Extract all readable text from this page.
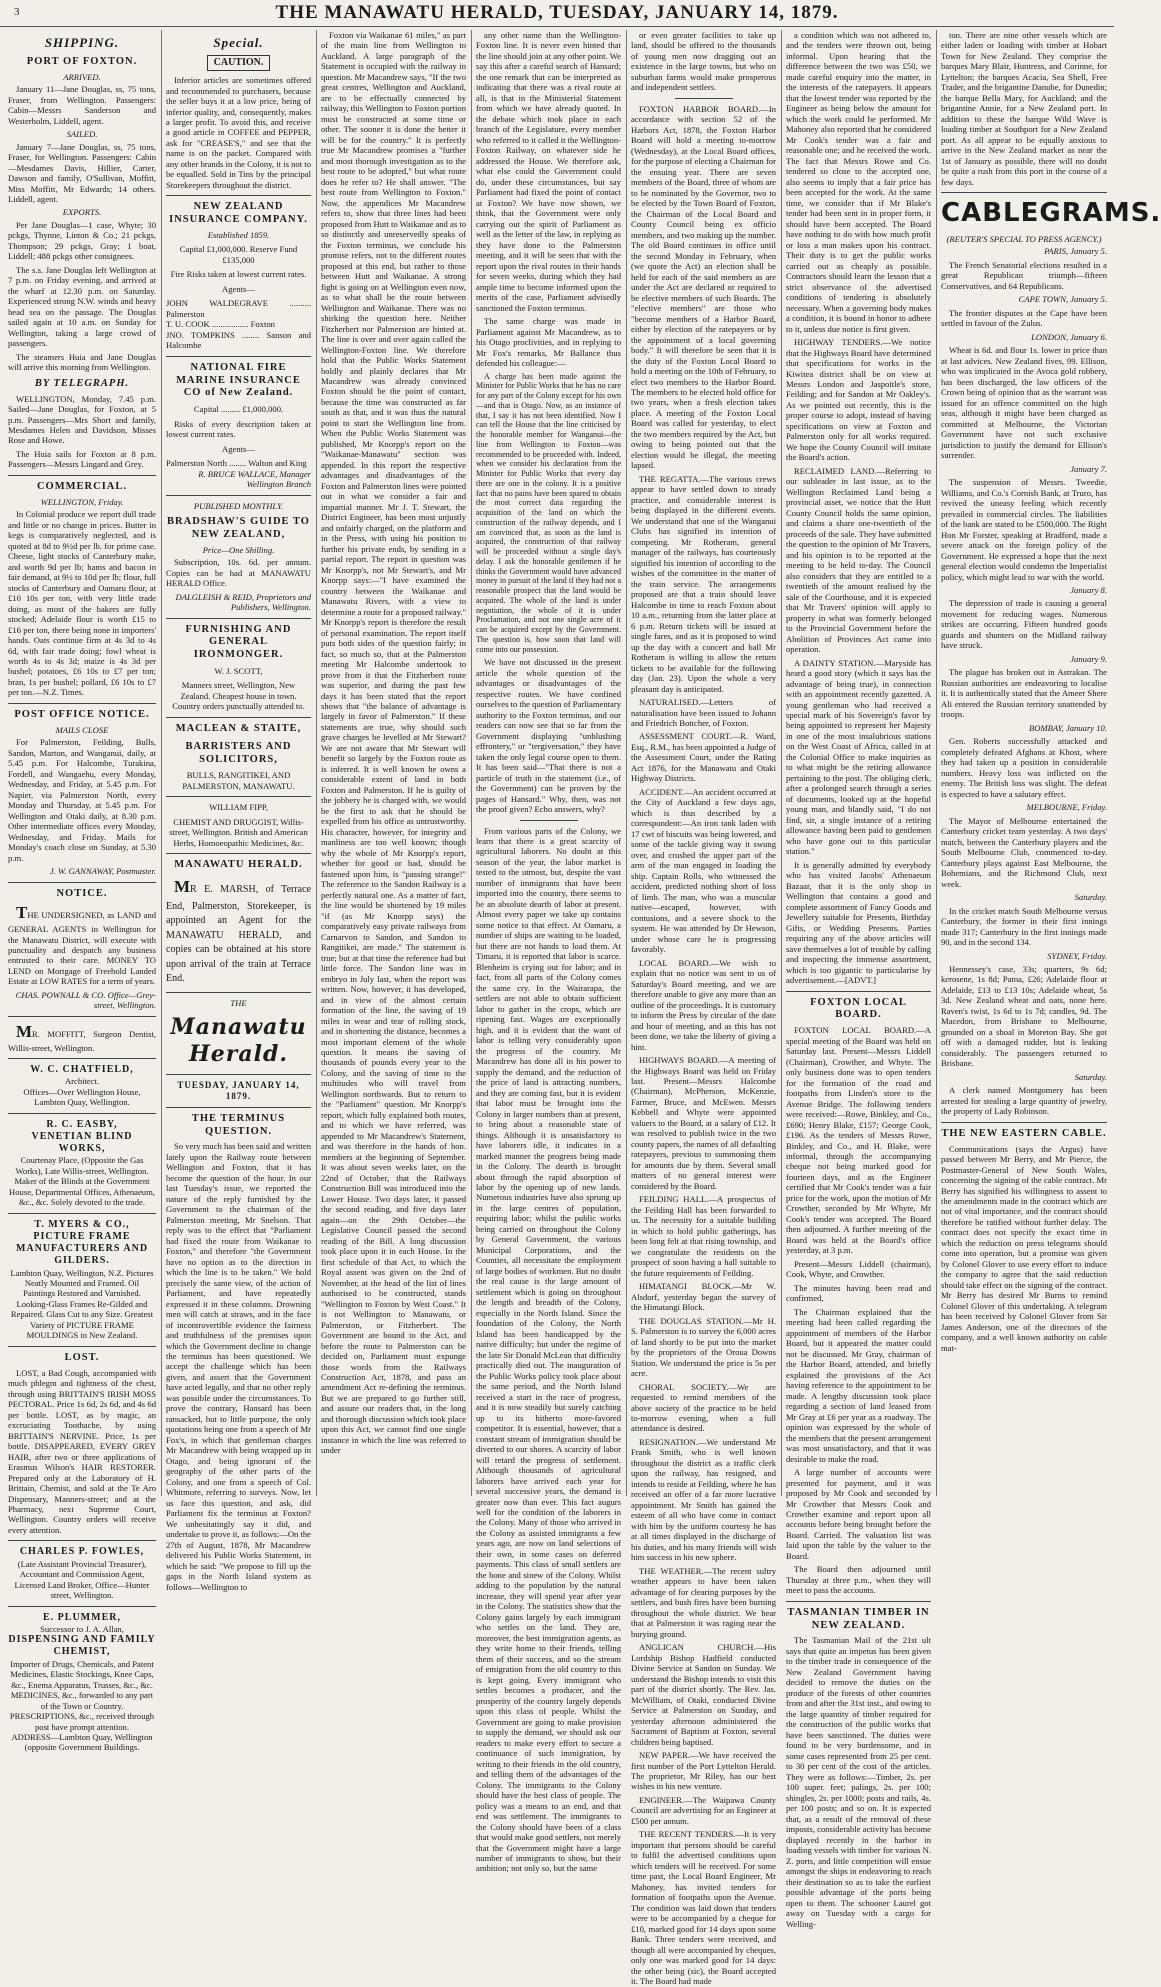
3	THE MANAWATU HERALD, TUESDAY, JANUARY 14, 1879.
SHIPPING.
PORT OF FOXTON.
ARRIVED.

January 11—Jane Douglas, ss, 75 tons, Fraser, from Wellington. Passengers: Cabin—Messrs Sanderson and Westerholm, Liddell, agent.

SAILED.

January 7—Jane Douglas, ss, 75 tons, Fraser, for Wellington. Passengers: Cabin—Mesdames Davis, Hillier, Carter, Dawson and family, O'Sullivan, Moffitt, Miss Moffitt, Mr Edwards; 14 others. Liddell, agent.

EXPORTS.

Per Jane Douglas—1 case, Whyte; 30 pckgs, Thynne, Linton & Co.; 21 pckgs, Thompson; 29 pckgs, Gray; 1 boat, Liddell; 488 pckgs other consignees.

The s.s. Jane Douglas left Wellington at 7 p.m. on Friday evening, and arrived at the wharf at 12.30 p.m. on Saturday. Experienced strong N.W. winds and heavy head sea on the passage. The Douglas sailed again at 10 a.m. on Sunday for Wellington, taking a large crowd of passengers.

The steamers Huia and Jane Douglas will arrive this morning from Wellington.

BY TELEGRAPH.

WELLINGTON, Monday, 7.45 p.m. Sailed—Jane Douglas, for Foxton, at 5 p.m. Passengers—Mrs Short and family, Mesdames Helen and Davidson, Misses Rose and Howe.

The Huia sails for Foxton at 8 p.m. Passengers—Messrs Lingard and Grey.

COMMERCIAL.
WELLINGTON, Friday.

In Colonial produce we report dull trade and little or no change in prices. Butter in kegs is comparatively neglected, and is quoted at 8d to 9½d per lb. for prime case. Cheese, light stocks of Canterbury make, and worth 9d per lb; hams and bacon in fair demand, at 9½ to 10d per lb; flour, full stocks of Canterbury and Oamaru flour, at £10 10s per ton, with very little trade doing, as most of the bakers are fully stocked; Adelaide flour is worth £15 to £16 per ton, there being none in importers' hands. Oats continue firm at 4s 3d to 4s 6d, with fair trade doing; fowl wheat is worth 4s to 4s 3d; maize is 4s 3d per bushel; potatoes, £6 10s to £7 per ton; bran, 1s per bushel; pollard, £6 10s to £7 per ton.—N.Z. Times.

POST OFFICE NOTICE.
MAILS CLOSE

For Palmerston, Feilding, Bulls, Sandon, Marton, and Wanganui, daily, at 5.45 p.m. For Halcombe, Turakina, Fordell, and Wangaehu, every Monday, Wednesday, and Friday, at 5.45 p.m. For Napier, via Palmerston North, every Monday and Thursday, at 5.45 p.m. For Wellington and Otaki daily, at 8.30 p.m. Other intermediate offices every Monday, Wednesday, and Friday. Mails for Monday's coach close on Sunday, at 5.30 p.m.

J. W. GANNAWAY, Postmaster.

NOTICE.

THE UNDERSIGNED, as LAND and GENERAL AGENTS in Wellington for the Manawatu District, will execute with punctuality and despatch any business entrusted to their care. MONEY TO LEND on Mortgage of Freehold Landed Estate at LOW RATES for a term of years.

CHAS. POWNALL & CO. Office—Grey-street, Wellington.

MR. MOFFITT, Surgeon Dentist, Willis-street, Wellington.

W. C. CHATFIELD,
Architect.
Offices—Over Wellington House, Lambton Quay, Wellington.
R. C. EASBY,
VENETIAN BLIND WORKS,
Courtenay Place, (Opposite the Gas Works), Late Willis-street, Wellington. Maker of the Blinds at the Government House, Departmental Offices, Athenaeum, &c., &c. Solely devoted to the trade.
T. MYERS & CO.,
PICTURE FRAME MANUFACTURERS AND GILDERS.
Lambton Quay, Wellington, N.Z. Pictures Neatly Mounted and Framed. Oil Paintings Restored and Varnished. Looking-Glass Frames Re-Gilded and Repaired. Glass Cut to any Size. Greatest Variety of PICTURE FRAME MOULDINGS in New Zealand.
LOST.

LOST, a Bad Cough, accompanied with much phlegm and tightness of the chest, through using BRITTAIN'S IRISH MOSS PECTORAL. Price 1s 6d, 2s 6d, and 4s 6d per bottle. LOST, as by magic, an excruciating Toothache, by using BRITTAIN'S NERVINE. Price, 1s per bottle. DISAPPEARED, EVERY GREY HAIR, after two or three applications of Erasmus Wilson's HAIR RESTORER. Prepared only at the Laboratory of H. Brittain, Chemist, and sold at the Te Aro Dispensary, Manners-street; and at the Pharmacy, next Supreme Court, Wellington. Country orders will receive every attention.

CHARLES P. FOWLES,
(Late Assistant Provincial Treasurer), Accountant and Commission Agent, Licensed Land Broker, Office—Hunter street, Wellington.
E. PLUMMER,
Successor to J. A. Allan,
DISPENSING AND FAMILY CHEMIST,
Importer of Drugs, Chemicals, and Patent Medicines, Elastic Stockings, Knee Caps, &c., Enema Apparatus, Trusses, &c., &c. MEDICINES, &c., forwarded to any part of the Town or Country. PRESCRIPTIONS, &c., received through post have prompt attention.
ADDRESS—Lambton Quay, Wellington (opposite Government Buildings.
Special.
CAUTION.

Inferior articles are sometimes offered and recommended to purchasers, because the seller buys it at a low price, being of inferior quality, and, consequently, makes a larger profit. To avoid this, and receive a good article in COFFEE and PEPPER, ask for "CREASE'S," and see that the name is on the packet. Compared with any other brands in the Colony, it is not to be equalled. Sold in Tins by the principal Storekeepers throughout the district.

NEW ZEALAND INSURANCE COMPANY.
Established 1859.
Capital £1,000,000. Reserve Fund £135,000
Fire Risks taken at lowest current rates.
Agents—
JOHN WALDEGRAVE .......... Palmerston
T. U. COOK ................. Foxton
JNO. TOMPKINS ........ Sanson and Halcombe
NATIONAL FIRE MARINE INSURANCE CO of New Zealand.
Capital ......... £1,000,000.

Risks of every description taken at lowest current rates.

Agents—
Palmerston North ........ Walton and King

R. BRUCE WALLACE, Manager Wellington Branch

PUBLISHED MONTHLY.
BRADSHAW'S GUIDE TO NEW ZEALAND,
Price—One Shilling.

Subscription, 10s. 6d. per annum. Copies can be had at MANAWATU HERALD Office.

DALGLEISH & REID, Proprietors and Publishers, Wellington.

FURNISHING AND GENERAL IRONMONGER.
W. J. SCOTT,
Manners street, Wellington, New Zealand. Cheapest house in town. Country orders punctually attended to.
MACLEAN & STAITE,
BARRISTERS AND SOLICITORS,
BULLS, RANGITIKEI, AND PALMERSTON, MANAWATU.
WILLIAM FIPP,
CHEMIST AND DRUGGIST, Willis-street, Wellington. British and American Herbs, Homoeopathic Medicines, &c.
MANAWATU HERALD.

MR E. MARSH, of Terrace End, Palmerston, Storekeeper, is appointed an Agent for the MANAWATU HERALD, and copies can be obtained at his store upon arrival of the train at Terrace End.

THE
Manawatu Herald.
TUESDAY, JANUARY 14, 1879.
THE TERMINUS QUESTION.

So very much has been said and written lately upon the Railway route between Wellington and Foxton, that it has become the question of the hour. In our last Tuesday's issue, we reported the nature of the reply furnished by the Government to the chairman of the Palmerston meeting, Mr Snelson. That reply was to the effect that "Parliament had fixed the route from Waikanae to Foxton," and therefore "the Government have no option as to the direction in which the line is to be taken." We hold precisely the same view, of the action of Parliament, and have repeatedly expressed it in these columns. Drowning men will catch at straws, and in the face of incontrovertible evidence the fairness and truthfulness of the premises upon which the Government decline to change the terminus has been questioned. We accept the challenge which has been given, and assert that the Government have acted legally, and that no other reply was possible under the circumstances. To prove the contrary, Hansard has been ransacked, but to little purpose, the only quotations being one from a speech of Mr Fox's, in which that gentleman charges Mr Macandrew with being wrapped up in Otago, and being ignorant of the geography of the other parts of the Colony, and one from a speech of Col. Whitmore, referring to surveys. Now, let us face this question, and ask, did Parliament fix the terminus at Foxton? We unhesitatingly say it did, and undertake to prove it, as follows:—On the 27th of August, 1878, Mr Macandrew delivered his Public Works Statement, in which he said: "We propose to fill up the gaps in the North Island system as follows—Wellington to

Foxton via Waikanae 61 miles," as part of the main line from Wellington to Auckland. A large paragraph of the Statement is occupied with the railway in question. Mr Macandrew says, "If the two great centres, Wellington and Auckland, are to be effectually connected by railway, this Wellington to Foxton portion must be constructed at some time or other. The sooner it is done the better it will be for the country." It is perfectly true Mr Macandrew promises a "further and most thorough investigation as to the best route to be adopted," but what route does he refer to? He shall answer. "The best route from Wellington to Foxton." Now, the appendices Mr Macandrew refers to, show that three lines had been proposed from Hutt to Waikanae and as to so distinctly and unreservedly speaks of the Foxton terminus, we conclude his promise refers, not to the different routes proposed at this end, but rather to those between Hutt and Waikanae. A strong fight is going on at Wellington even now, as to what shall be the route between Wellington and Waikanae. There was no shirking the question here. Neither Fitzherbert nor Palmerston are hinted at. The line is over and over again called the Wellington-Foxton line. We therefore hold that the Public Works Statement boldly and plainly declares that Mr Macandrew was already convinced Foxton should be the point of contact, because the time was constructed as far south as that, and it was thus the natural point to start the Wellington line from. When the Public Works Statement was published, Mr Knorpp's report on the "Waikanae-Manawatu" section was appended. In this report the respective advantages and disadvantages of the Foxton and Palmerston lines were pointed out in what we consider a fair and impartial manner. Mr J. T. Stewart, the District Engineer, has been most unjustly and unfairly charged, on the platform and in the Press, with using his position to further his private ends, by sending in a partial report. The report in question was Mr Knorpp's, not Mr Stewart's, and Mr Knorpp says:—"I have examined the country between the Waikanae and Manawatu Rivers, with a view to determine a route for a proposed railway." Mr Knorpp's report is therefore the result of personal examination. The report itself puts both sides of the question fairly; in fact, so much so, that at the Palmerston meeting Mr Halcombe undertook to prove from it that the Fitzherbert route was superior, and during the past few days it has been stated that the report shows that "the balance of advantage is largely in favor of Palmerston." If these statements are true, why should such grave charges be levelled at Mr Stewart? We are not aware that Mr Stewart will benefit so largely by the Foxton route as is inferred. It is well known he owns a considerable extent of land in both Foxton and Palmerston. If he is guilty of the jobbery he is charged with, we would be the first to ask that he should be expelled from his office as untrustworthy. His character, however, for integrity and manliness are too well known; though why the whole of Mr Knorpp's report, whether for good or bad, should be fastened upon him, is "passing strange!" The reference to the Sandon Railway is a perfectly natural one. As a matter of fact, the line would be shortened by 19 miles "if (as Mr Knorpp says) the comparatively easy private railways from Carnarvon to Sandon, and Sandon to Rangitikei, are made." The statement is true; but at that time the reference had but little force. The Sandon line was in embryo in July last, when the report was written. Now, however, it has developed, and in view of the almost certain formation of the line, the saving of 19 miles in wear and tear of rolling stock, and in shortening the distance, becomes a most important element of the whole question. It means the saving of thousands of pounds every year to the Colony, and the saving of time to the multitudes who will travel from Wellington northwards. But to return to the "Parliament" question. Mr Knorpp's report, which fully explained both routes, and to which we have referred, was appended to Mr Macandrew's Statement, and was therefore in the hands of hon. members at the beginning of September. It was about seven weeks later, on the 22nd of October, that the Railways Construction Bill was introduced into the Lower House. Two days later, it passed the second reading, and five days later again—on the 29th October—the Legislative Council passed the second reading of the Bill. A long discussion took place upon it in each House. In the first schedule of that Act, to which the Royal assent was given on the 2nd of November, at the head of the list of lines authorised to be constructed, stands "Wellington to Foxton by West Coast." It is not Wellington to Manawatu, or Palmerston, or Fitzherbert. The Government are bound to the Act, and before the route to Palmerston can be decided on, Parliament must expunge those words from the Railways Construction Act, 1878, and pass an amendment Act re-defining the terminus. But we are prepared to go further still, and assure our readers that, in the long and thorough discussion which took place upon this Act, we cannot find one single instance in which the line was referred to under

any other name than the Wellington-Foxton line. It is never even hinted that the line should join at any other point. We say this after a careful search of Hansard; the one remark that can be interpreted as indicating that there was a rival route at all, is that in the Ministerial Statement from which we have already quoted. In the debate which took place in each branch of the Legislature, every member who referred to it called it the Wellington-Foxton Railway, on whatever side he addressed the House. We therefore ask, what else could the Government could do, under these circumstances, but say Parliament had fixed the point of contact at Foxton? We have now shown, we think, that the Government were only carrying out the spirit of Parliament as well as the letter of the law, in replying as they have done to the Palmerston meeting, and it will be seen that with the report upon the rival routes in their hands for seven weeks, during which they had ample time to become informed upon the merits of the case, Parliament advisedly sanctioned the Foxton terminus.

The same charge was made in Parliament against Mr Macandrew, as to his Otago proclivities, and in replying to Mr Fox's remarks, Mr Ballance thus defended his colleague:—

A charge has been made against the Minister for Public Works that he has no care for any part of the Colony except for his own—and that is Otago. Now, as an instance of that, I say it has not been identified. Now I can tell the House that the line criticised by the honorable member for Wanganui—the line from Wellington to Foxton—was recommended to be proceeded with. Indeed, when we consider his declaration from the Minister for Public Works that every day there are one in the colony. It is a positive fact that no pains have been spared to obtain the most correct data regarding the acquisition of the land on which the construction of the railway depends, and I am convinced that, as soon as the land is acquired, the construction of that railway will be proceeded without a single day's delay. I ask the honorable gentlemen if he thinks the Government would have advanced money in pursuit of the land if they had not a reasonable prospect that the land would be acquired. The whole of the land is under negotiation, the whole of it is under Proclamation, and not one single acre of it can be acquired except by the Government. The question is, how soon that land will come into our possession.

We have not discussed in the present article the whole question of the advantages or disadvantages of the respective routes. We have confined ourselves to the question of Parliamentary authority to the Foxton terminus, and our readers can now see that so far from the Government displaying "unblushing effrontery," or "tergiversation," they have taken the only legal course open to them. It has been said—"That there is not a particle of truth in the statement (i.e., of the Government) can be proven by the pages of Hansard." Why, then, was not the proof given? Echo answers, why?

From various parts of the Colony, we learn that there is a great scarcity of agricultural laborers. No doubt at this season of the year, the labor market is tested to the utmost, but, despite the vast number of immigrants that have been imported into the country, there seems to be an absolute dearth of labor at present. Almost every paper we take up contains some notice to that effect. At Oamaru, a number of ships are waiting to be loaded, but there are not hands to load them. At Timaru, it is reported that labor is scarce. Blenheim is crying out for labor; and in fact, from all parts of the Colony comes the same cry. In the Wairarapa, the settlers are not able to obtain sufficient labor to gather in the crops, which are ripening fast. Wages are exceptionally high, and it is evident that the want of labor is telling very considerably upon the progress of the country. Mr Macandrew has done all in his power to supply the demand, and the reduction of the price of land is attracting numbers, and they are coming fast, but it is evident that labor must be brought into the Colony in larger numbers than at present, to bring about a reasonable state of things. Although it is unsatisfactory to have laborers idle, it indicates in a marked manner the progress being made in the Colony. The dearth is brought about through the rapid absorption of labor by the opening up of new lands. Numerous industries have also sprung up in the large centres of population, requiring labor; whilst the public works being carried on throughout the Colony by General Government, the various Municipal Corporations, and the Counties, all necessitate the employment of large bodies of workmen. But no doubt the real cause is the large amount of settlement which is going on throughout the length and breadth of the Colony, especially in the North Island. Since the foundation of the Colony, the North Island has been handicapped by the native difficulty; but under the regime of the late Sir Donald McLean that difficulty practically died out. The inauguration of the Public Works policy took place about the same period, and the North Island received a start in the race of progress, and it is now steadily but surely catching up to its hitherto more-favored competitor. It is essential, however, that a constant stream of immigration should be diverted to our shores. A scarcity of labor will retard the progress of settlement. Although thousands of agricultural laborers have arrived each year for several successive years, the demand is greater now than ever. This fact augurs well for the condition of the laborers in the Colony. Many of those who arrived in the Colony as assisted immigrants a few years ago, are now on land selections of their own, in some cases on deferred payments. This class of small settlers are the bone and sinew of the Colony. Whilst adding to the population by the natural increase, they will spend year after year in the Colony. The statistics show that the Colony gains largely by each immigrant who settles on the land. They are, moreover, the best immigration agents, as they write home to their friends, telling them of their success, and so the stream of emigration from the old country to this is kept going. Every immigrant who settles becomes a producer, and the prosperity of the country largely depends upon this class of people. Whilst the Government are going to make provision to supply the demand, we should ask our readers to make every effort to secure a continuance of such immigration, by writing to their friends in the old country, and telling them of the advantages of the Colony. The immigrants to the Colony should have the best class of people. The policy was a means to an end, and that end was settlement. The immigrants to the Colony should have been of a class that would make good settlers, not merely that the Government might have a large number of immigrants to show, but their ambition; not only so, but the same

or even greater facilities to take up land, should be offered to the thousands of young men now dragging out an existence in the large towns, but who on suburban farms would make prosperous and independent settlers.

FOXTON HARBOR BOARD.—In accordance with section 52 of the Harbors Act, 1878, the Foxton Harbor Board will hold a meeting to-morrow (Wednesday), at the Local Board offices, for the purpose of electing a Chairman for the ensuing year. There are seven members of the Board, three of whom are to be nominated by the Governor, two to be elected by the Town Board of Foxton, the Chairman of the Local Board and County Council being ex officio members, and two making up the number. The old Board continues in office until the second Monday in February, when (we quote the Act) an election shall be held for each of the said members as are under the Act are declared or required to be elective members of such Boards. The "elective members" are those who "become members of a Harbor Board, either by election of the ratepayers or by the appointment of a local governing body." It will therefore be seen that it is the duty of the Foxton Local Board to hold a meeting on the 10th of February, to elect two members to the Harbor Board. The members to be elected hold office for two years, when a fresh election takes place. A meeting of the Foxton Local Board was called for yesterday, to elect the two members required by the Act, but owing to being pointed out that the election would be illegal, the meeting lapsed.

THE REGATTA.—The various crews appear to have settled down to steady practice, and considerable interest is being displayed in the different events. We understand that one of the Wanganui Clubs has signified its intention of competing. Mr Rotheram, general manager of the railways, has courteously signified his intention of according to the wishes of the committee in the matter of the train service. The arrangements proposed are that a train should leave Halcombe in time to reach Foxton about 10 a.m., returning from the latter place at 6 p.m. Return tickets will be issued at single fares, and as it is proposed to wind up the day with a concert and ball Mr Rotheram is willing to allow the return tickets to be available for the following day (Jan. 23). Upon the whole a very pleasant day is anticipated.

NATURALISED.—Letters of naturalisation have been issued to Johann and Friedrich Bottcher, of Foxton.

ASSESSMENT COURT.—R. Ward, Esq., R.M., has been appointed a Judge of the Assessment Court, under the Rating Act 1876, for the Manawatu and Otaki Highway Districts.

ACCIDENT.—An accident occurred at the City of Auckland a few days ago, which is thus described by a correspondent:—An iron tank laden with 17 cwt of biscuits was being lowered, and some of the tackle giving way it swung over, and crushed the upper part of the arm of the man engaged in loading the ship. Captain Rolls, who witnessed the accident, predicted nothing short of loss of limb. The man, who was a muscular native—escaped, however, with contusions, and a severe shock to the system. He was attended by Dr Hewson, under whose care he is progressing favorably.

LOCAL BOARD.—We wish to explain that no notice was sent to us of Saturday's Board meeting, and we are therefore unable to give any more than an outline of the proceedings. It is customary to inform the Press by circular of the date and hour of meeting, and as this has not been done, we take the liberty of giving a hint.

HIGHWAYS BOARD.—A meeting of the Highways Board was held on Friday last. Present—Messrs Halcombe (Chairman), McPherson, McKenzie, Farmer, Bruce, and McEwen. Messrs Kebbell and Whyte were appointed valuers to the Board, at a salary of £12. It was resolved to publish twice in the two county papers, the names of all defaulting ratepayers, previous to summoning them for amounts due by them. Several small matters of no general interest were considered by the Board.

FEILDING HALL.—A prospectus of the Feilding Hall has been forwarded to us. The necessity for a suitable building in which to hold public gatherings, has been long felt at that rising township, and we congratulate the residents on the prospect of soon having a hall suitable to the future requirements of Feilding.

HIMATANGI BLOCK.—Mr W. Alsdorf, yesterday began the survey of the Himatangi Block.

THE DOUGLAS STATION.—Mr H. S. Palmerston is to survey the 6,000 acres of land shortly to be put into the market by the proprietors of the Oroua Downs Station. We understand the price is 5s per acre.

CHORAL SOCIETY.—We are requested to remind members of the above society of the practice to be held to-morrow evening, when a full attendance is desired.

RESIGNATION.—We understand Mr Frank Smith, who is well known throughout the district as a traffic clerk upon the railway, has resigned, and intends to reside at Feilding, where he has received an offer of a far more lucrative appointment. Mr Smith has gained the esteem of all who have come in contact with him by the uniform courtesy he has at all times displayed in the discharge of his duties, and his many friends will wish him success in his new sphere.

THE WEATHER.—The recent sultry weather appears to have been taken advantage of for clearing purposes by the settlers, and bush fires have been burning throughout the whole district. We hear that at Palmerston it was raging near the burying ground.

ANGLICAN CHURCH.—His Lordship Bishop Hadfield conducted Divine Service at Sandon on Sunday. We understand the Bishop intends to visit this part of the district shortly. The Rev. Jas. McWilliam, of Otaki, conducted Divine Service at Palmerston on Sunday, and yesterday afternoon administered the Sacrament of Baptism at Foxton, several children being baptised.

NEW PAPER.—We have received the first number of the Port Lyttelton Herald. The proprietor, Mr Riley, has our best wishes in his new venture.

ENGINEER.—The Waipawa County Council are advertising for an Engineer at £500 per annum.

THE RECENT TENDERS.—It is very important that persons should be careful to fulfil the advertised conditions upon which tenders will be received. For some time past, the Local Board Engineer, Mr Mahoney, has invited tenders for formation of footpaths upon the Avenue. The condition was laid down that tenders were to be accompanied by a cheque for £10, marked good for 14 days upon some Bank. Three tenders were received, and though all were accompanied by cheques, only one was marked good for 14 days: the other being (sic), the Board accepted it. The Board had made

a condition which was not adhered to, and the tenders were thrown out, being informal. Upon hearing that the difference between the two was £50, we made careful enquiry into the matter, in the interests of the ratepayers. It appears that the lowest tender was reported by the Engineer as being below the amount for which the work could be performed. Mr Mahoney also reported that he considered Mr Cook's tender was a fair and reasonable one; and he received the work. The fact that Messrs Rowe and Co. tendered so close to the accepted one, also seems to imply that a fair price has been accepted for the work. At the same time, we consider that if Mr Blake's tender had been sent in in proper form, it should have been accepted. The Board have nothing to do with how much profit or loss a man makes upon his contract. Their duty is to get the public works carried out as cheaply as possible. Contractors should learn the lesson that a strict observance of the advertised conditions of tendering is absolutely necessary. When a governing body makes a condition, it is bound in honor to adhere to it, unless due notice is first given.

HIGHWAY TENDERS.—We notice that the Highways Board have determined that specifications for works in the Kiwitea district shall be on view at Messrs London and Jaspoitle's store, Feilding; and for Sandon at Mr Oakley's. As we pointed out recently, this is the proper course to adopt, instead of having specifications on view at Foxton and Palmerston only for all works required. We hope the County Council will imitate the Board's action.

RECLAIMED LAND.—Referring to our subleader in last issue, as to the Wellington Reclaimed Land being a provincial asset, we notice that the Hutt County Council holds the same opinion, and claims a share one-twentieth of the proceeds of the sale. They have submitted the question to the opinion of Mr Travers, and his opinion is to be reported at the meeting to be held to-day. The Council also considers that they are entitled to a twentieth of the amount realised by the sale of the Courthouse, and it is expected that Mr Travers' opinion will apply to property in what was formerly belonged to the Provincial Government before the Abolition of Provinces Act came into operation.

A DAINTY STATION.—Maryside has heard a good story (which it says has the advantage of being true), in connection with an appointment recently gazetted. A young gentleman who had received a special mark of his Sovereign's favor by being appointed to represent her Majesty in one of the most insalubrious stations on the West Coast of Africa, called in at the Colonial Office to make inquiries as to what might be the retiring allowance pertaining to the post. The obliging clerk, after a prolonged search through a series of documents, looked up at the hopeful young man, and blandly said, "I do not find, sir, a single instance of a retiring allowance having been paid to gentlemen who have gone out to this particular station."

It is generally admitted by everybody who has visited Jacobs' Athenaeum Bazaar, that it is the only shop in Wellington that contains a good and complete assortment of Fancy Goods and Jewellery suitable for Presents, Birthday Gifts, or Wedding Presents. Parties requiring any of the above articles will save themselves a lot of trouble by calling and inspecting the immense assortment, which is too gigantic to particularise by advertisement.—[ADVT.]

FOXTON LOCAL BOARD.

FOXTON LOCAL BOARD.—A special meeting of the Board was held on Saturday last. Present—Messrs Liddell (Chairman), Crowther, and Whyte. The only business done was to open tenders for the formation of the road and footpaths from Linden's store to the Avenue Bridge. The following tenders were received:—Rowe, Binkley, and Co., £690; Henry Blake, £157; George Cook, £196. As the tenders of Messrs Rowe, Binkley, and Co., and H. Blake, were informal, through the accompanying cheque not being marked good for fourteen days, and as the Engineer certified that Mr Cook's tender was a fair price for the work, upon the motion of Mr Crowther, seconded by Mr Whyte, Mr Cook's tender was accepted. The Board then adjourned. A further meeting of the Board was held at the Board's office yesterday, at 3 p.m.

Present—Messrs Liddell (chairman), Cook, Whyte, and Crowther.

The minutes having been read and confirmed,

The Chairman explained that the meeting had been called regarding the appointment of members of the Harbor Board, but it appeared the matter could not be discussed. Mr Gray, chairman of the Harbor Board, attended, and briefly explained the provisions of the Act having reference to the appointment to be made. A lengthy discussion took place regarding a section of land leased from Mr Gray at £6 per year as a roadway. The opinion was expressed by the whole of the members that the present arrangement was most unsatisfactory, and that it was desirable to make the road.

A large number of accounts were presented for payment, and it was proposed by Mr Cook and seconded by Mr Crowther that Messrs Cook and Crowther examine and report upon all accounts before being brought before the Board. Carried. The valuation list was laid upon the table by the valuer to the Board.

The Board then adjourned until Thursday at three p.m., when they will meet to pass the accounts.

TASMANIAN TIMBER IN NEW ZEALAND.

The Tasmanian Mail of the 21st ult says that quite an impetus has been given to the timber trade in consequence of the New Zealand Government having decided to remove the duties on the produce of the forests of other countries from and after the 31st inst., and owing to the large quantity of timber required for the construction of the public works that have been sanctioned. The duties were found to be very burdensome, and in some cases represented from 25 per cent. to 30 per cent of the cost of the articles. They were as follows:—Timber, 2s. per 100 super. feet; palings, 2s. per 100; shingles, 2s. per 1000; posts and rails, 4s. per 100 posts; and so on. It is expected that, as a result of the removal of these imposts, considerable activity has become displayed recently in the harbor in loading vessels with timber for various N. Z. ports, and little competition will ensue amongst the ships in endeavoring to reach their destination so as to take the earliest possible advantage of the ports being open to them. The schooner Laurel got away on Tuesday with a cargo for Welling-

ton. There are nine other vessels which are either laden or loading with timber at Hobart Town for New Zealand. They comprise the barques Mary Blair, Huntress, and Corinne, for Lyttelton; the barques Acacia, Sea Shell, Free Trader, and the brigantine Danube, for Dunedin; the barque Bella Mary, for Auckland; and the brigantine Annie, for a New Zealand port. In addition to these the barque Wild Wave is loading timber at Southport for a New Zealand port. As all appear to be equally anxious to arrive in the New Zealand market as near the 1st of January as possible, there will no doubt be quite a rush from this port in the course of a few days.

CABLEGRAMS.
(REUTER'S SPECIAL TO PRESS AGENCY.)

PARIS, January 5.

The French Senatorial elections resulted in a great Republican triumph—fifteen Conservatives, and 64 Republicans.

CAPE TOWN, January 5.

The frontier disputes at the Cape have been settled in favour of the Zulus.

LONDON, January 6.

Wheat is 6d. and flour 1s. lower in price than at last advices. New Zealand fives, 99. Ellison, who was implicated in the Avoca gold robbery, has been discharged, the law officers of the Crown being of opinion that as the warrant was issued for an offence committed on the high seas, although it might have been charged as committed at Melbourne, the Victorian Government have not such exclusive jurisdiction to justify the demand for Ellison's surrender.

January 7.

The suspension of Messrs. Tweedie, Williams, and Co.'s Cornish Bank, at Truro, has revived the uneasy feeling which recently prevailed in commercial circles. The liabilities of the bank are stated to be £500,000. The Right Hon Mr Forster, speaking at Bradford, made a severe attack on the foreign policy of the Government. He expressed a hope that the next general election would condemn the Imperialist policy, which might lead to war with the world.

January 8.

The depression of trade is causing a general movement for reducing wages. Numerous strikes are occurring. Fifteen hundred goods guards and shunters on the Midland railway have struck.

January 9.

The plague has broken out in Astrakan. The Russian authorities are endeavoring to localise it. It is authentically stated that the Ameer Shere Ali entered the Russian territory unattended by troops.

BOMBAY, January 10.

Gen. Roberts successfully attacked and completely defeated Afghans at Khost, where they had taken up a position in considerable numbers. Heavy loss was inflicted on the enemy. The British loss was slight. The defeat is expected to have a salutary effect.

MELBOURNE, Friday.

The Mayor of Melbourne entertained the Canterbury cricket team yesterday. A two days' match, between the Canterbury players and the South Melbourne Club, commenced to-day. Canterbury plays against East Melbourne, the Bohemians, and the Richmond Club, next week.

Saturday.

In the cricket match South Melbourne versus Canterbury, the former in their first innings made 317; Canterbury in the first innings made 90, and in the second 134.

SYDNEY, Friday.

Hennessey's case, 33s; quarters, 9s 6d; kerosene, 1s 8d; Patna, £26; Adelaide flour at Adelaide, £13 to £13 10s; Adelaide wheat, 5s 3d. New Zealand wheat and oats, none here. Raven's twist, 1s 6d to 1s 7d; candles, 9d. The Macedon, from Brisbane to Melbourne, grounded on a shoal in Moreton Bay. She got off with a damaged rudder, but is leaking considerably. The passengers returned to Brisbane.

Saturday.

A clerk named Montgomery has been arrested for stealing a large quantity of jewelry, the property of Lady Robinson.

THE NEW EASTERN CABLE.

Communications (says the Argus) have passed between Mr Berry, and Mr Pierce, the Postmaster-General of New South Wales, concerning the signing of the cable contract. Mr Berry has signified his willingness to assent to the amendments made in the contract which are not of vital importance, and the contract should therefore be ratified without further delay. The contract does not specify the exact time in which the reduction on press telegrams should come into operation, but a promise was given by Colonel Glover to use every effort to induce the company to agree that the said reduction should take effect on the signing of the contract. Mr Berry has desired Mr Burns to remind Colonel Glover of this undertaking. A telegram has been received by Colonel Glover from Sir James Anderson, one of the directors of the company, and a well known authority on cable mat-
